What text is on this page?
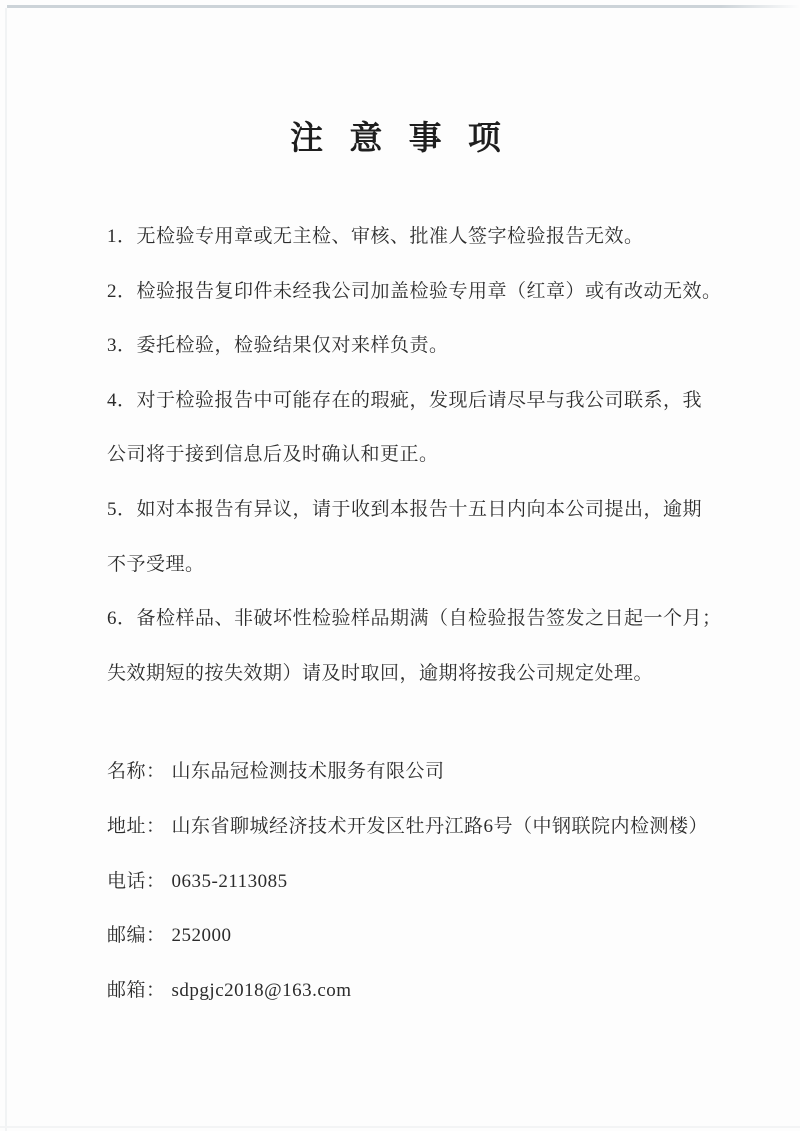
注 意 事 项
1．无检验专用章或无主检、审核、批准人签字检验报告无效。
2．检验报告复印件未经我公司加盖检验专用章（红章）或有改动无效。
3．委托检验，检验结果仅对来样负责。
4．对于检验报告中可能存在的瑕疵，发现后请尽早与我公司联系，我
公司将于接到信息后及时确认和更正。
5．如对本报告有异议，请于收到本报告十五日内向本公司提出，逾期
不予受理。
6．备检样品、非破坏性检验样品期满（自检验报告签发之日起一个月；
失效期短的按失效期）请及时取回，逾期将按我公司规定处理。
名称： 山东品冠检测技术服务有限公司
地址： 山东省聊城经济技术开发区牡丹江路6号（中钢联院内检测楼）
电话： 0635-2113085
邮编： 252000
邮箱： sdpgjc2018@163.com
